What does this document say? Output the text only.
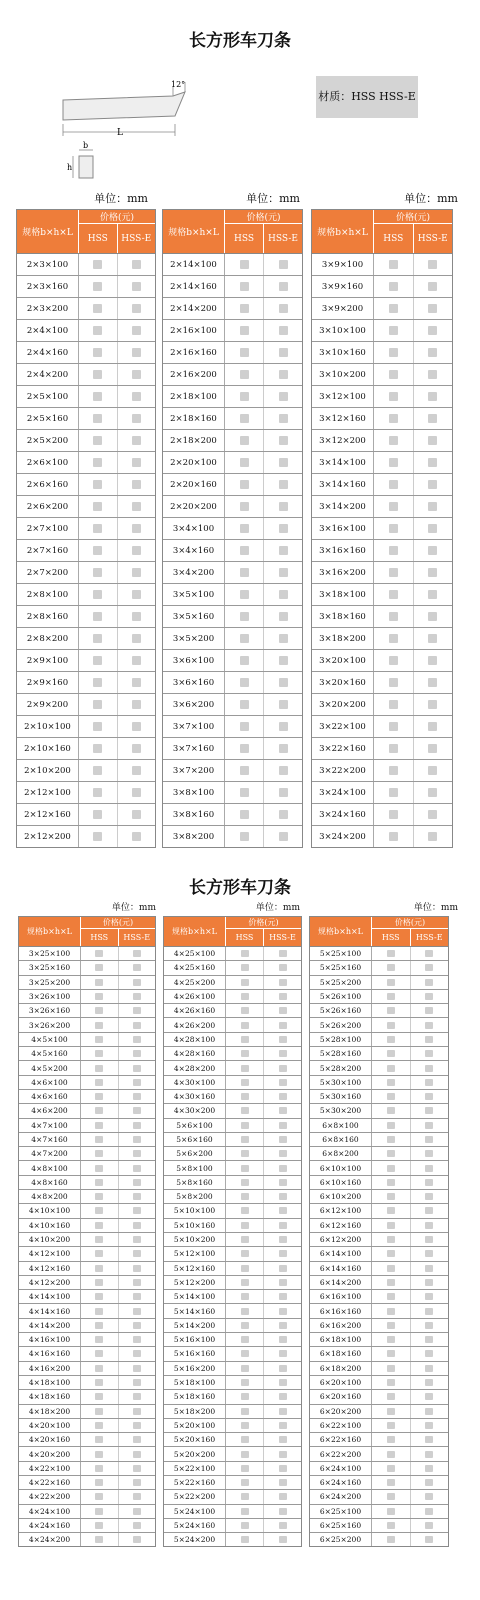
长方形车刀条
12°
L
b
h
材质：HSS HSS-E
单位：mm	单位：mm	单位：mm
规格b×h×L
价格(元)
HSS	HSS-E
2×3×100
2×3×160
2×3×200
2×4×100
2×4×160
2×4×200
2×5×100
2×5×160
2×5×200
2×6×100
2×6×160
2×6×200
2×7×100
2×7×160
2×7×200
2×8×100
2×8×160
2×8×200
2×9×100
2×9×160
2×9×200
2×10×100
2×10×160
2×10×200
2×12×100
2×12×160
2×12×200
规格b×h×L
价格(元)
HSS	HSS-E
2×14×100
2×14×160
2×14×200
2×16×100
2×16×160
2×16×200
2×18×100
2×18×160
2×18×200
2×20×100
2×20×160
2×20×200
3×4×100
3×4×160
3×4×200
3×5×100
3×5×160
3×5×200
3×6×100
3×6×160
3×6×200
3×7×100
3×7×160
3×7×200
3×8×100
3×8×160
3×8×200
规格b×h×L
价格(元)
HSS	HSS-E
3×9×100
3×9×160
3×9×200
3×10×100
3×10×160
3×10×200
3×12×100
3×12×160
3×12×200
3×14×100
3×14×160
3×14×200
3×16×100
3×16×160
3×16×200
3×18×100
3×18×160
3×18×200
3×20×100
3×20×160
3×20×200
3×22×100
3×22×160
3×22×200
3×24×100
3×24×160
3×24×200
长方形车刀条
单位：mm	单位：mm	单位：mm
规格b×h×L
价格(元)
HSS	HSS-E
3×25×100
3×25×160
3×25×200
3×26×100
3×26×160
3×26×200
4×5×100
4×5×160
4×5×200
4×6×100
4×6×160
4×6×200
4×7×100
4×7×160
4×7×200
4×8×100
4×8×160
4×8×200
4×10×100
4×10×160
4×10×200
4×12×100
4×12×160
4×12×200
4×14×100
4×14×160
4×14×200
4×16×100
4×16×160
4×16×200
4×18×100
4×18×160
4×18×200
4×20×100
4×20×160
4×20×200
4×22×100
4×22×160
4×22×200
4×24×100
4×24×160
4×24×200
规格b×h×L
价格(元)
HSS	HSS-E
4×25×100
4×25×160
4×25×200
4×26×100
4×26×160
4×26×200
4×28×100
4×28×160
4×28×200
4×30×100
4×30×160
4×30×200
5×6×100
5×6×160
5×6×200
5×8×100
5×8×160
5×8×200
5×10×100
5×10×160
5×10×200
5×12×100
5×12×160
5×12×200
5×14×100
5×14×160
5×14×200
5×16×100
5×16×160
5×16×200
5×18×100
5×18×160
5×18×200
5×20×100
5×20×160
5×20×200
5×22×100
5×22×160
5×22×200
5×24×100
5×24×160
5×24×200
规格b×h×L
价格(元)
HSS	HSS-E
5×25×100
5×25×160
5×25×200
5×26×100
5×26×160
5×26×200
5×28×100
5×28×160
5×28×200
5×30×100
5×30×160
5×30×200
6×8×100
6×8×160
6×8×200
6×10×100
6×10×160
6×10×200
6×12×100
6×12×160
6×12×200
6×14×100
6×14×160
6×14×200
6×16×100
6×16×160
6×16×200
6×18×100
6×18×160
6×18×200
6×20×100
6×20×160
6×20×200
6×22×100
6×22×160
6×22×200
6×24×100
6×24×160
6×24×200
6×25×100
6×25×160
6×25×200
